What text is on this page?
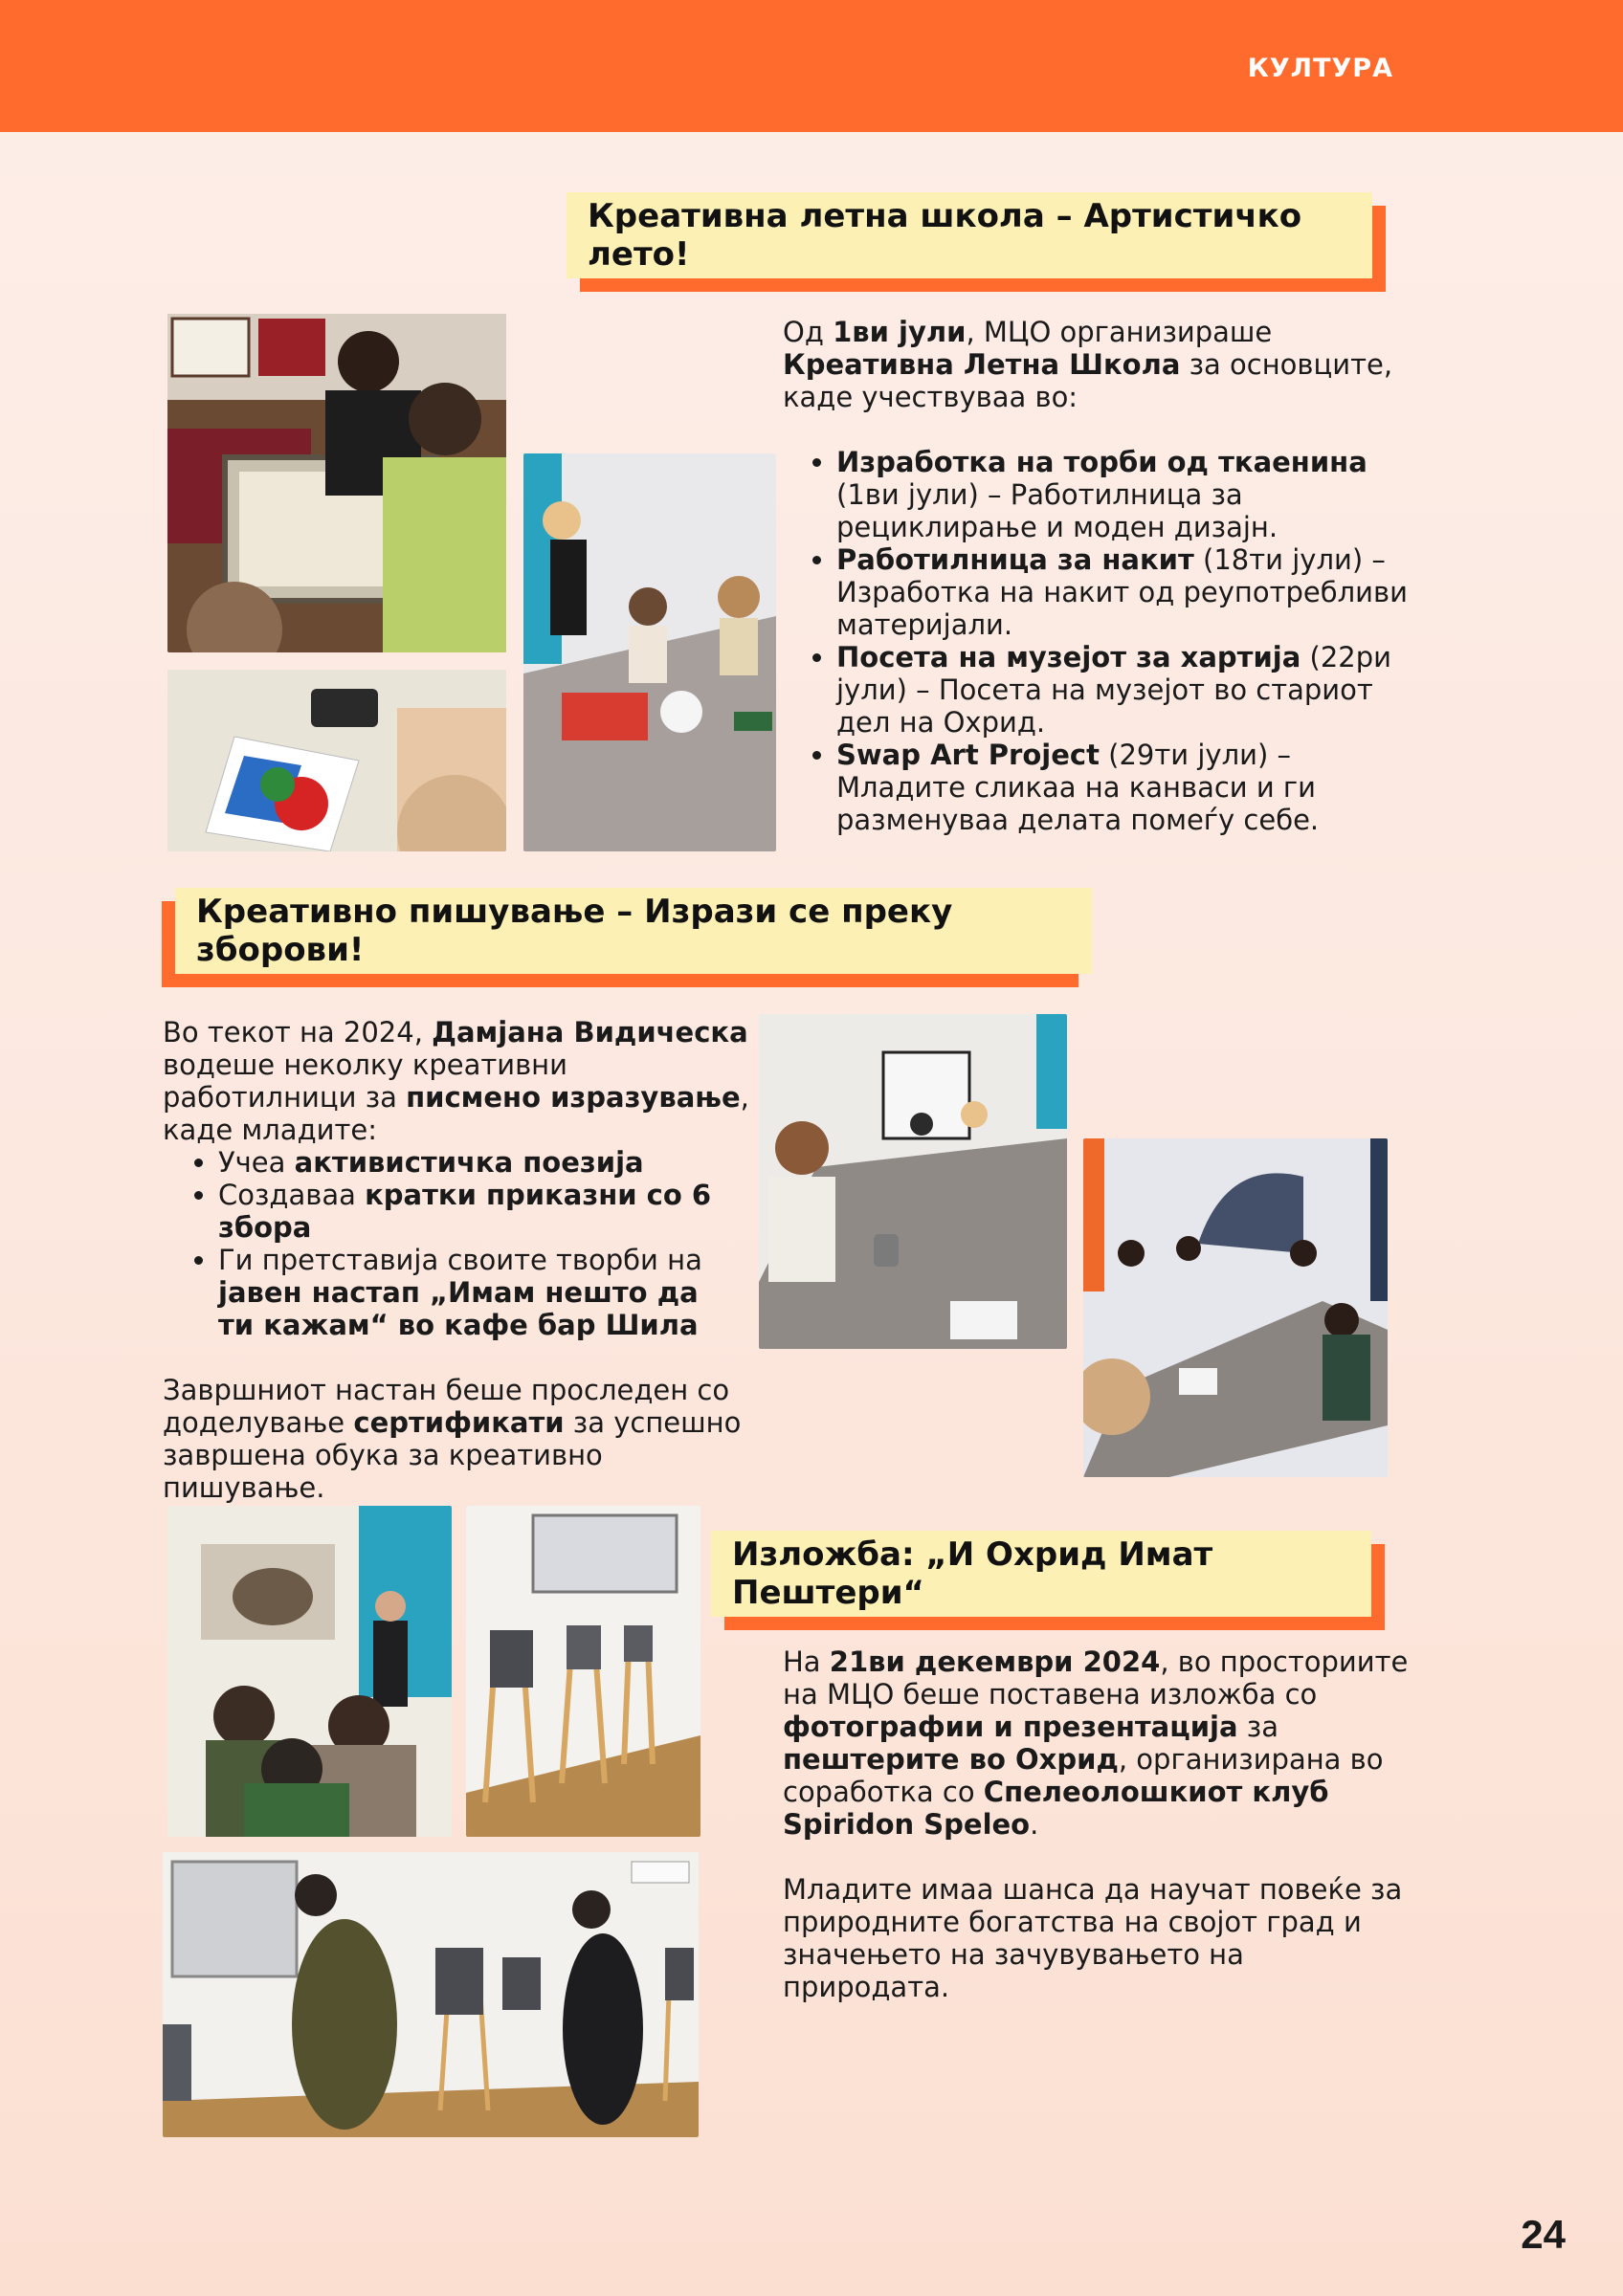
КУЛТУРА
Креативна летна школа – Артистичко лето!
Од 1ви јули, МЦО организираше Креативна Летна Школа за основците, каде учествуваа во:
• Изработка на торби од ткаенина (1ви јули) – Работилница за рециклирање и моден дизајн.
• Работилница за накит (18ти јули) – Изработка на накит од реупотребливи материјали.
• Посета на музејот за хартија (22ри јули) – Посета на музејот во стариот дел на Охрид.
• Swap Art Project (29ти јули) – Младите сликаа на канваси и ги разменуваа делата помеѓу себе.
Креативно пишување – Изрази се преку зборови!
Во текот на 2024, Дамјана Видическа водеше неколку креативни работилници за писмено изразување, каде младите:
• Учеа активистичка поезија
• Создаваа кратки приказни со 6 збора
• Ги претставија своите творби на јавен настап „Имам нешто да ти кажам“ во кафе бар Шила
Завршниот настан беше проследен со доделување сертификати за успешно завршена обука за креативно пишување.
Изложба: „И Охрид Имат Пештери“
На 21ви декември 2024, во просториите на МЦО беше поставена изложба со фотографии и презентација за пештерите во Охрид, организирана во соработка со Спелеолошкиот клуб Spiridon Speleo.
Младите имаа шанса да научат повеќе за природните богатства на својот град и значењето на зачувувањето на природата.
24
